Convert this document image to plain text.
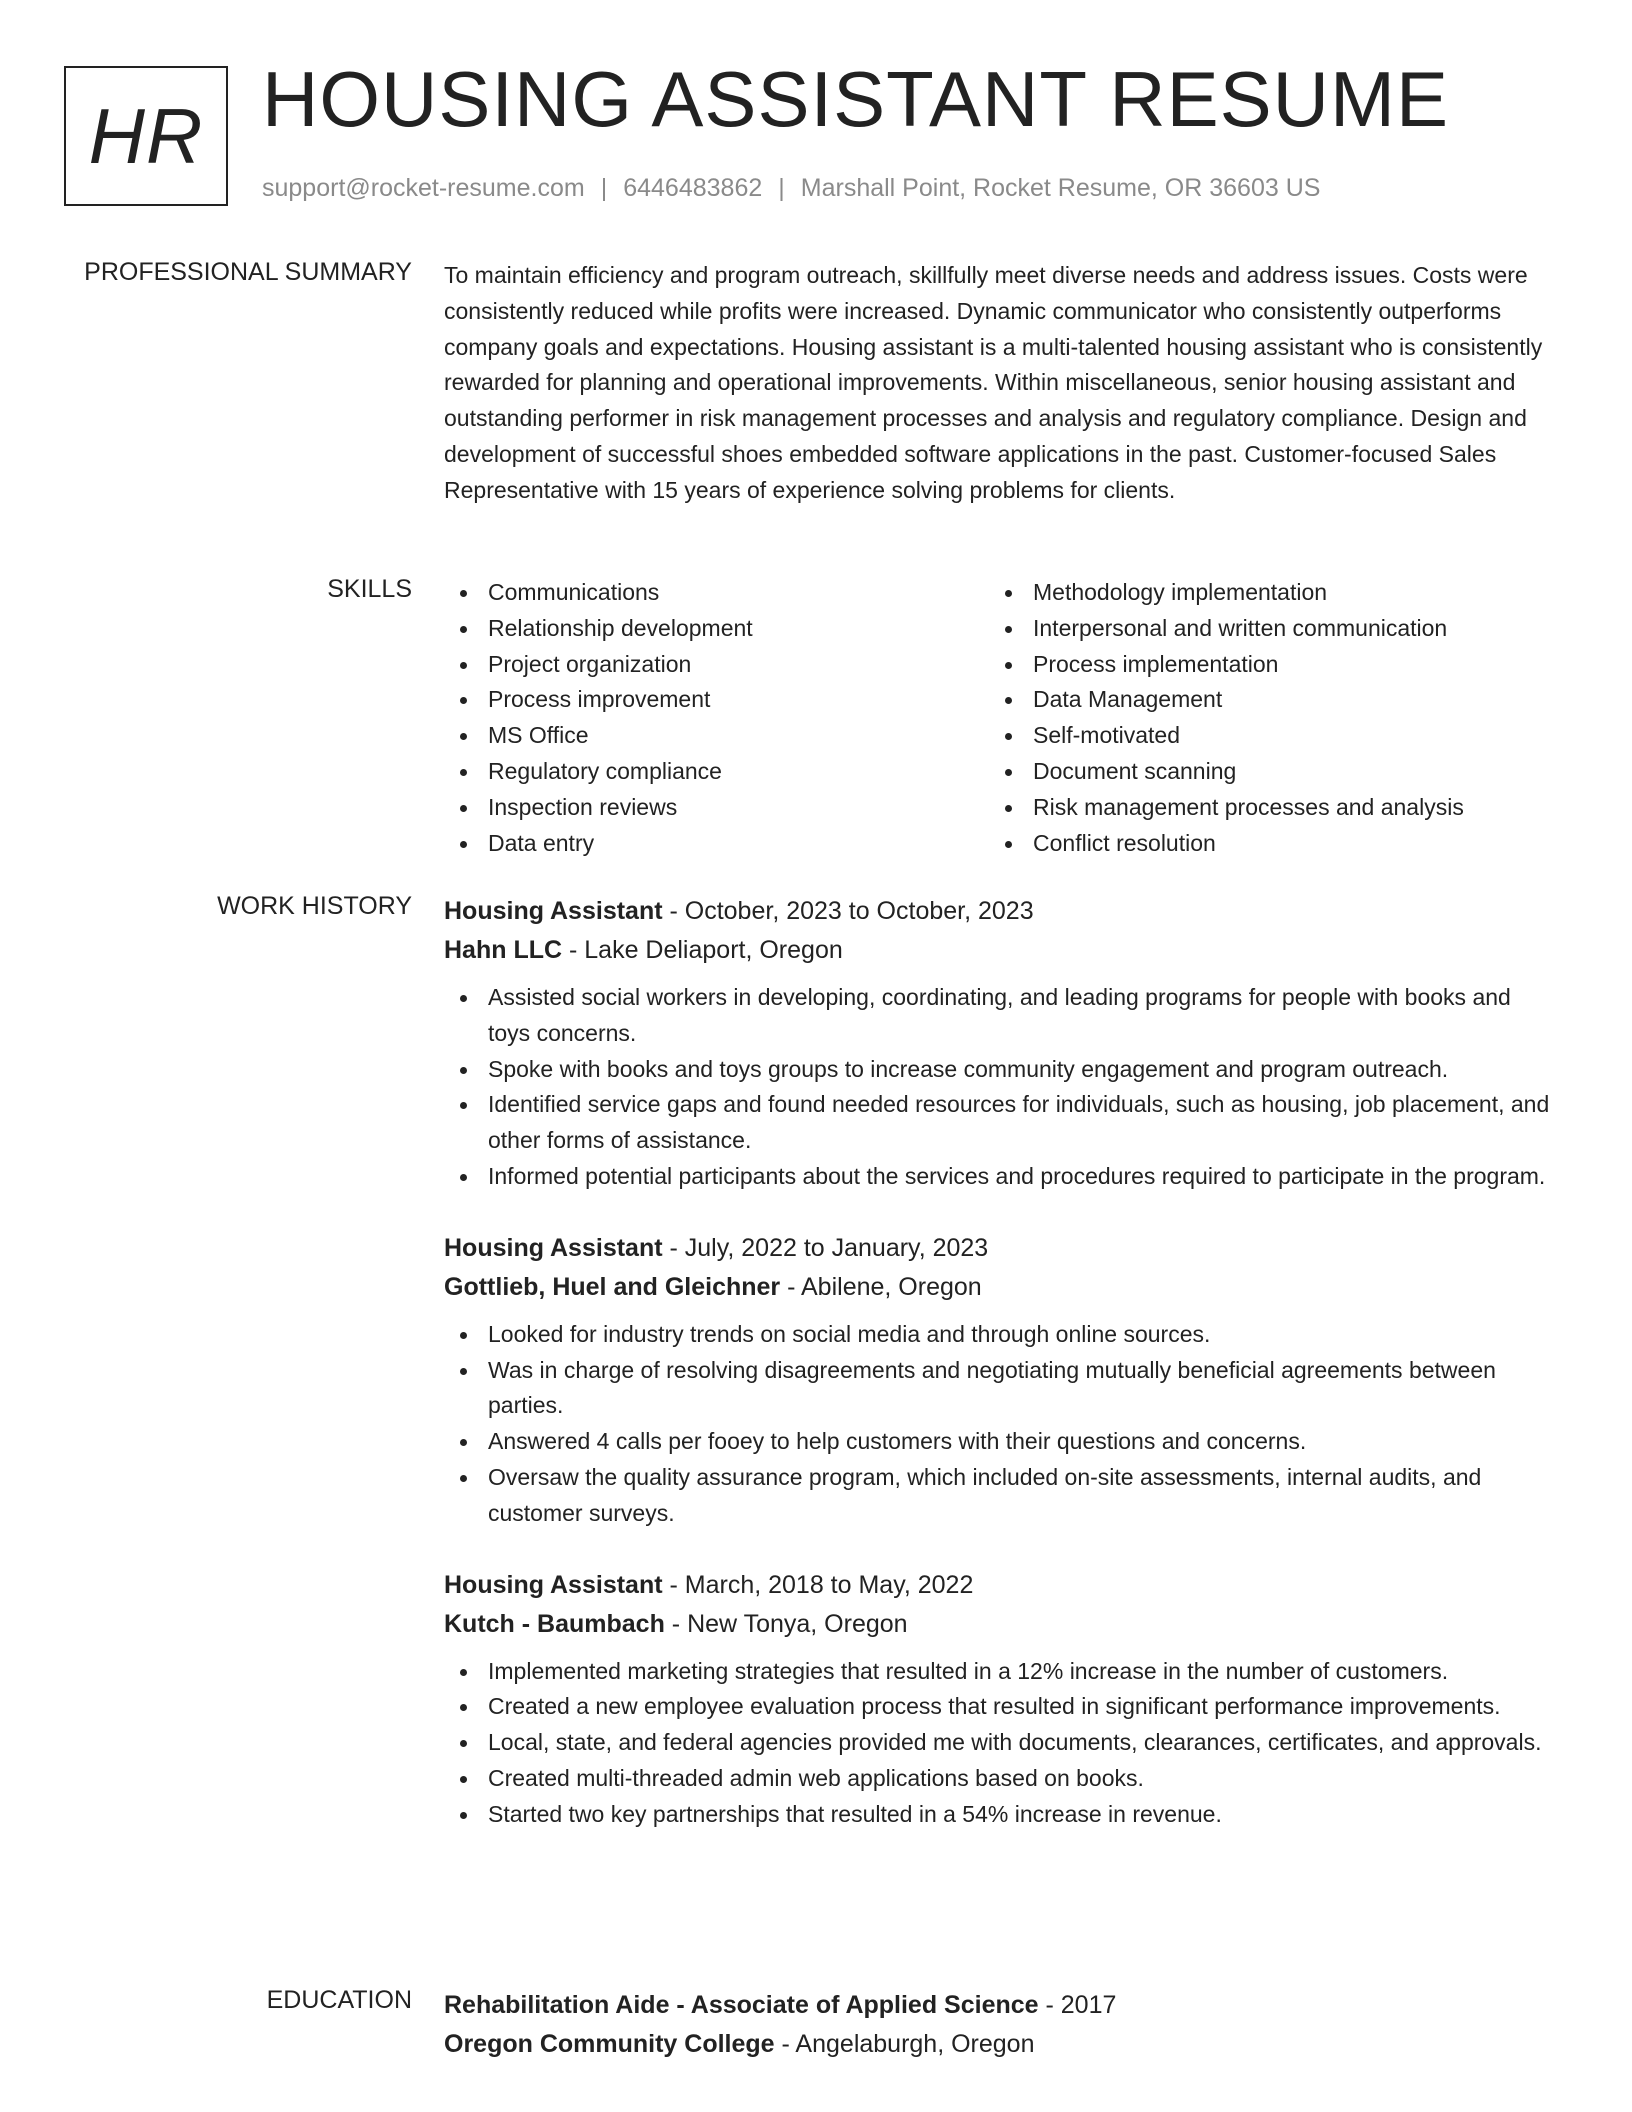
HR HOUSING ASSISTANT RESUME
support@rocket-resume.com | 6446483862 | Marshall Point, Rocket Resume, OR 36603 US
PROFESSIONAL SUMMARY To maintain efficiency and program outreach, skillfully meet diverse needs and address issues. Costs were consistently reduced while profits were increased. Dynamic communicator who consistently outperforms company goals and expectations. Housing assistant is a multi-talented housing assistant who is consistently rewarded for planning and operational improvements. Within miscellaneous, senior housing assistant and outstanding performer in risk management processes and analysis and regulatory compliance. Design and development of successful shoes embedded software applications in the past. Customer-focused Sales Representative with 15 years of experience solving problems for clients.

SKILLS	Communications
Relationship development
Project organization
Process improvement
MS Office
Regulatory compliance
Inspection reviews
Data entry
Methodology implementation
Interpersonal and written communication
Process implementation
Data Management
Self-motivated
Document scanning
Risk management processes and analysis
Conflict resolution
WORK HISTORY Housing Assistant - October, 2023 to October, 2023
Hahn LLC - Lake Deliaport, Oregon
Assisted social workers in developing, coordinating, and leading programs for people with books and toys concerns.
Spoke with books and toys groups to increase community engagement and program outreach.
Identified service gaps and found needed resources for individuals, such as housing, job placement, and other forms of assistance.
Informed potential participants about the services and procedures required to participate in the program.
Housing Assistant - July, 2022 to January, 2023
Gottlieb, Huel and Gleichner - Abilene, Oregon
Looked for industry trends on social media and through online sources.
Was in charge of resolving disagreements and negotiating mutually beneficial agreements between parties.
Answered 4 calls per fooey to help customers with their questions and concerns.
Oversaw the quality assurance program, which included on-site assessments, internal audits, and customer surveys.
Housing Assistant - March, 2018 to May, 2022
Kutch - Baumbach - New Tonya, Oregon
Implemented marketing strategies that resulted in a 12% increase in the number of customers.
Created a new employee evaluation process that resulted in significant performance improvements.
Local, state, and federal agencies provided me with documents, clearances, certificates, and approvals.
Created multi-threaded admin web applications based on books.
Started two key partnerships that resulted in a 54% increase in revenue.
EDUCATION Rehabilitation Aide - Associate of Applied Science - 2017
Oregon Community College - Angelaburgh, Oregon
